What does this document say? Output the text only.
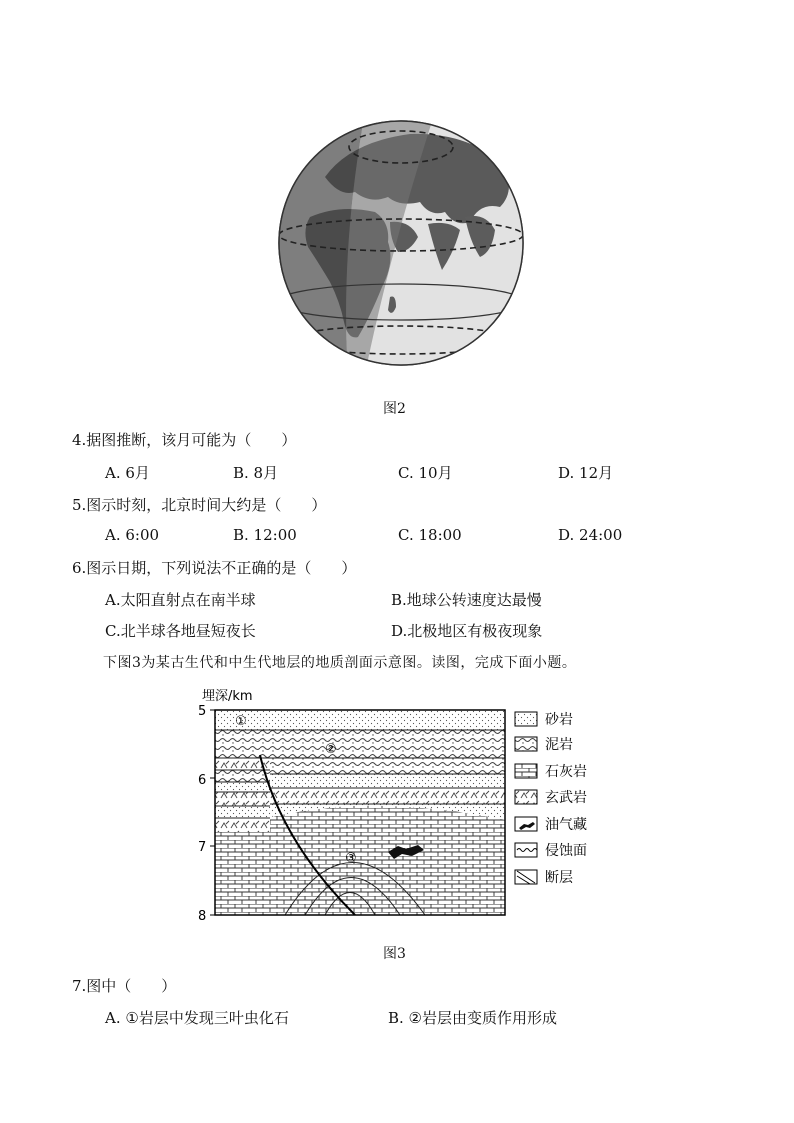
图2
4.据图推断，该月可能为（　　）
A. 6月	B. 8月	C. 10月	D. 12月
5.图示时刻，北京时间大约是（　　）
A. 6:00	B. 12:00	C. 18:00	D. 24:00
6.图示日期，下列说法不正确的是（　　）
A.太阳直射点在南半球	B.地球公转速度达最慢
C.北半球各地昼短夜长	D.北极地区有极夜现象
下图3为某古生代和中生代地层的地质剖面示意图。读图，完成下面小题。
埋深/km
5
6
7
8
①
②
③
砂岩
泥岩
石灰岩
玄武岩
油气藏
侵蚀面
断层
图3
7.图中（　　）
A. ①岩层中发现三叶虫化石	B. ②岩层由变质作用形成
